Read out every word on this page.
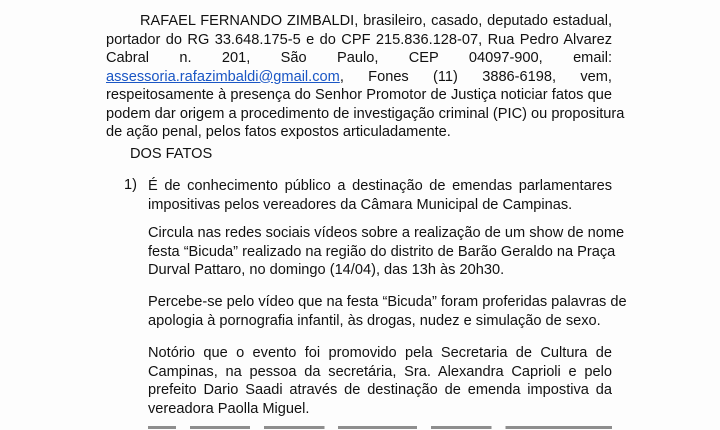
RAFAEL FERNANDO ZIMBALDI, brasileiro, casado, deputado estadual,
portador do RG 33.648.175-5 e do CPF 215.836.128-07, Rua Pedro Alvarez
Cabral n. 201, São Paulo, CEP 04097-900, email:
assessoria.rafazimbaldi@gmail.com, Fones (11) 3886-6198, vem,
respeitosamente à presença do Senhor Promotor de Justiça noticiar fatos que
podem dar origem a procedimento de investigação criminal (PIC) ou propositura
de ação penal, pelos fatos expostos articuladamente.

DOS FATOS

1) É de conhecimento público a destinação de emendas parlamentares
impositivas pelos vereadores da Câmara Municipal de Campinas.
Circula nas redes sociais vídeos sobre a realização de um show de nome
festa “Bicuda” realizado na região do distrito de Barão Geraldo na Praça
Durval Pattaro, no domingo (14/04), das 13h às 20h30.
Percebe-se pelo vídeo que na festa “Bicuda” foram proferidas palavras de
apologia à pornografia infantil, às drogas, nudez e simulação de sexo.
Notório que o evento foi promovido pela Secretaria de Cultura de
Campinas, na pessoa da secretária, Sra. Alexandra Caprioli e pelo
prefeito Dario Saadi através de destinação de emenda impostiva da
vereadora Paolla Miguel.
